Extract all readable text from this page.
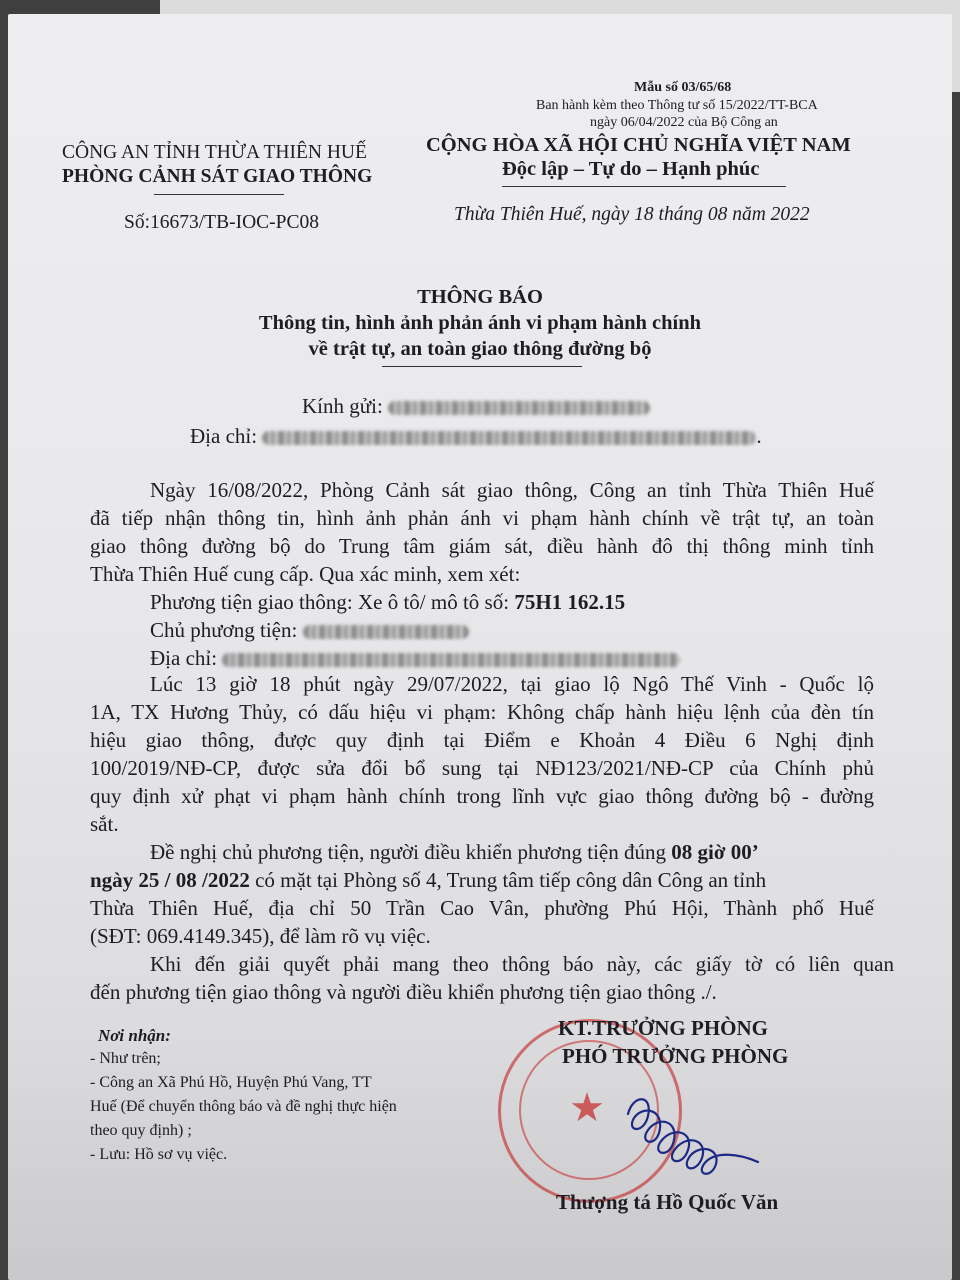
Mẫu số 03/65/68
Ban hành kèm theo Thông tư số 15/2022/TT-BCA
ngày 06/04/2022 của Bộ Công an
CÔNG AN TỈNH THỪA THIÊN HUẾ
PHÒNG CẢNH SÁT GIAO THÔNG
CỘNG HÒA XÃ HỘI CHỦ NGHĨA VIỆT NAM
Độc lập – Tự do – Hạnh phúc
Số:16673/TB-IOC-PC08	Thừa Thiên Huế, ngày 18 tháng 08 năm 2022
THÔNG BÁO
Thông tin, hình ảnh phản ánh vi phạm hành chính
về trật tự, an toàn giao thông đường bộ
Kính gửi:
Địa chỉ:	.
Ngày 16/08/2022, Phòng Cảnh sát giao thông, Công an tỉnh Thừa Thiên Huế
đã tiếp nhận thông tin, hình ảnh phản ánh vi phạm hành chính về trật tự, an toàn
giao thông đường bộ do Trung tâm giám sát, điều hành đô thị thông minh tỉnh
Thừa Thiên Huế cung cấp. Qua xác minh, xem xét:
Phương tiện giao thông: Xe ô tô/ mô tô số: 75H1 162.15
Chủ phương tiện:
Địa chỉ:
Lúc 13 giờ 18 phút ngày 29/07/2022, tại giao lộ Ngô Thế Vinh - Quốc lộ
1A, TX Hương Thủy, có dấu hiệu vi phạm: Không chấp hành hiệu lệnh của đèn tín
hiệu giao thông, được quy định tại Điểm e Khoản 4 Điều 6 Nghị định
100/2019/NĐ-CP, được sửa đổi bổ sung tại NĐ123/2021/NĐ-CP của Chính phủ
quy định xử phạt vi phạm hành chính trong lĩnh vực giao thông đường bộ - đường
sắt.
Đề nghị chủ phương tiện, người điều khiển phương tiện đúng 08 giờ 00’
ngày 25 / 08 /2022 có mặt tại Phòng số 4, Trung tâm tiếp công dân Công an tỉnh
Thừa Thiên Huế, địa chỉ 50 Trần Cao Vân, phường Phú Hội, Thành phố Huế
(SĐT: 069.4149.345), để làm rõ vụ việc.
Khi đến giải quyết phải mang theo thông báo này, các giấy tờ có liên quan
đến phương tiện giao thông và người điều khiển phương tiện giao thông ./.
Nơi nhận:
- Như trên;
- Công an Xã Phú Hồ, Huyện Phú Vang, TT
Huế (Để chuyển thông báo và đề nghị thực hiện
theo quy định) ;
- Lưu: Hồ sơ vụ việc.
★
KT.TRƯỞNG PHÒNG
PHÓ TRƯỞNG PHÒNG
Thượng tá Hồ Quốc Văn
